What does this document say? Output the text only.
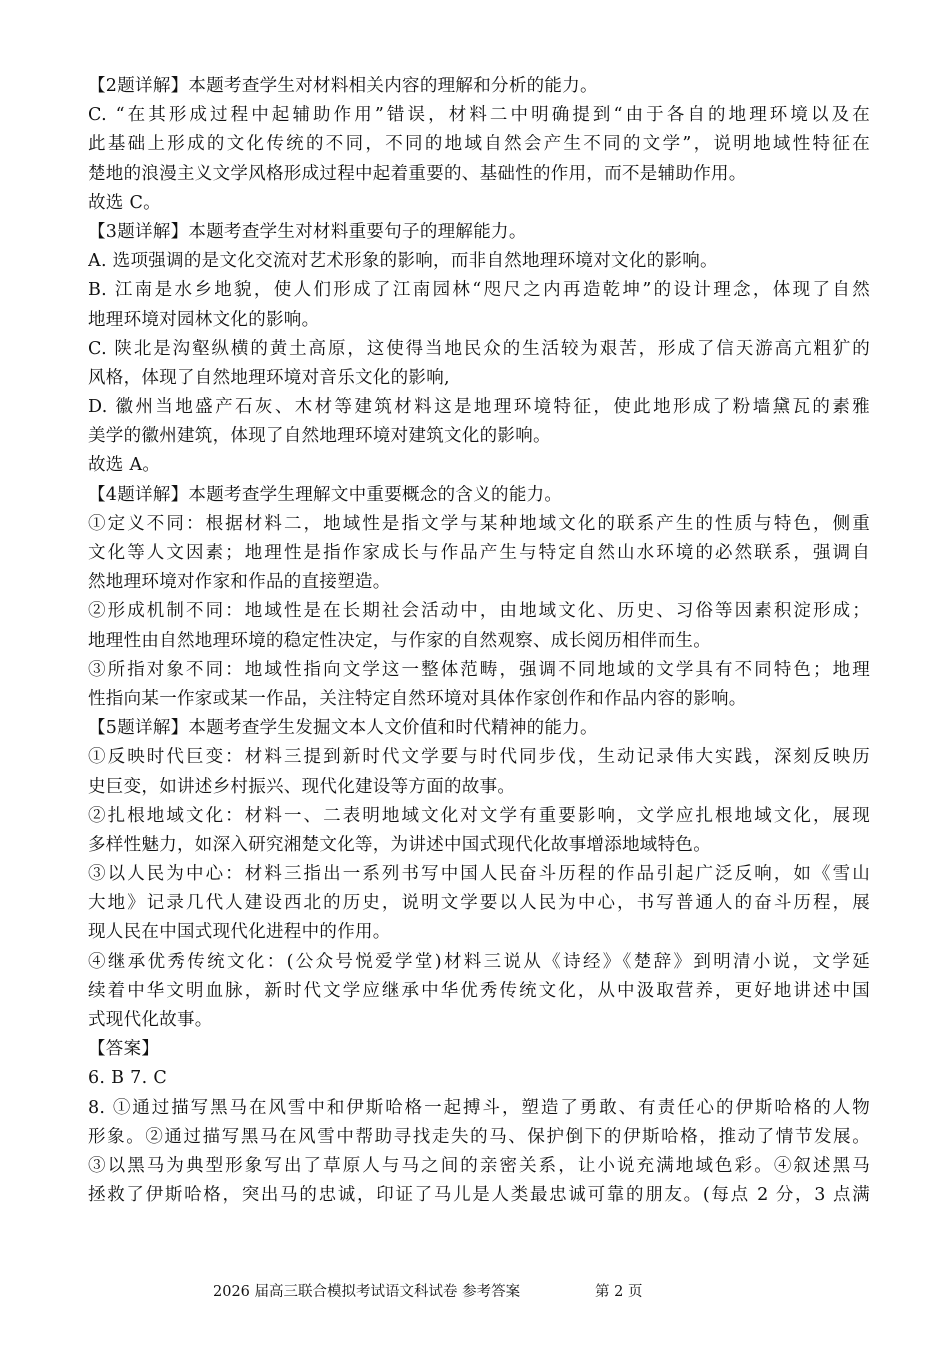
【2题详解】本题考查学生对材料相关内容的理解和分析的能力。
C. “在其形成过程中起辅助作用”错误，材料二中明确提到“由于各自的地理环境以及在
此基础上形成的文化传统的不同，不同的地域自然会产生不同的文学”，说明地域性特征在
楚地的浪漫主义文学风格形成过程中起着重要的、基础性的作用，而不是辅助作用。
故选 C。
【3题详解】本题考查学生对材料重要句子的理解能力。
A. 选项强调的是文化交流对艺术形象的影响，而非自然地理环境对文化的影响。
B. 江南是水乡地貌，使人们形成了江南园林“咫尺之内再造乾坤”的设计理念，体现了自然
地理环境对园林文化的影响。
C. 陕北是沟壑纵横的黄土高原，这使得当地民众的生活较为艰苦，形成了信天游高亢粗犷的
风格，体现了自然地理环境对音乐文化的影响,
D. 徽州当地盛产石灰、木材等建筑材料这是地理环境特征，使此地形成了粉墙黛瓦的素雅
美学的徽州建筑，体现了自然地理环境对建筑文化的影响。
故选 A。
【4题详解】本题考查学生理解文中重要概念的含义的能力。
①定义不同：根据材料二，地域性是指文学与某种地域文化的联系产生的性质与特色，侧重
文化等人文因素；地理性是指作家成长与作品产生与特定自然山水环境的必然联系，强调自
然地理环境对作家和作品的直接塑造。
②形成机制不同：地域性是在长期社会活动中，由地域文化、历史、习俗等因素积淀形成；
地理性由自然地理环境的稳定性决定，与作家的自然观察、成长阅历相伴而生。
③所指对象不同：地域性指向文学这一整体范畴，强调不同地域的文学具有不同特色；地理
性指向某一作家或某一作品，关注特定自然环境对具体作家创作和作品内容的影响。
【5题详解】本题考查学生发掘文本人文价值和时代精神的能力。
①反映时代巨变：材料三提到新时代文学要与时代同步伐，生动记录伟大实践，深刻反映历
史巨变，如讲述乡村振兴、现代化建设等方面的故事。
②扎根地域文化：材料一、二表明地域文化对文学有重要影响，文学应扎根地域文化，展现
多样性魅力，如深入研究湘楚文化等，为讲述中国式现代化故事增添地域特色。
③以人民为中心：材料三指出一系列书写中国人民奋斗历程的作品引起广泛反响，如《雪山
大地》记录几代人建设西北的历史，说明文学要以人民为中心，书写普通人的奋斗历程，展
现人民在中国式现代化进程中的作用。
④继承优秀传统文化：(公众号悦爱学堂)材料三说从《诗经》《楚辞》到明清小说，文学延
续着中华文明血脉，新时代文学应继承中华优秀传统文化，从中汲取营养，更好地讲述中国
式现代化故事。
【答案】
6. B 7. C
8. ①通过描写黑马在风雪中和伊斯哈格一起搏斗，塑造了勇敢、有责任心的伊斯哈格的人物
形象。②通过描写黑马在风雪中帮助寻找走失的马、保护倒下的伊斯哈格，推动了情节发展。
③以黑马为典型形象写出了草原人与马之间的亲密关系，让小说充满地域色彩。④叙述黑马
拯救了伊斯哈格，突出马的忠诚，印证了马儿是人类最忠诚可靠的朋友。(每点 2 分，3 点满
2026 届高三联合模拟考试语文科试卷 参考答案	第 2 页
